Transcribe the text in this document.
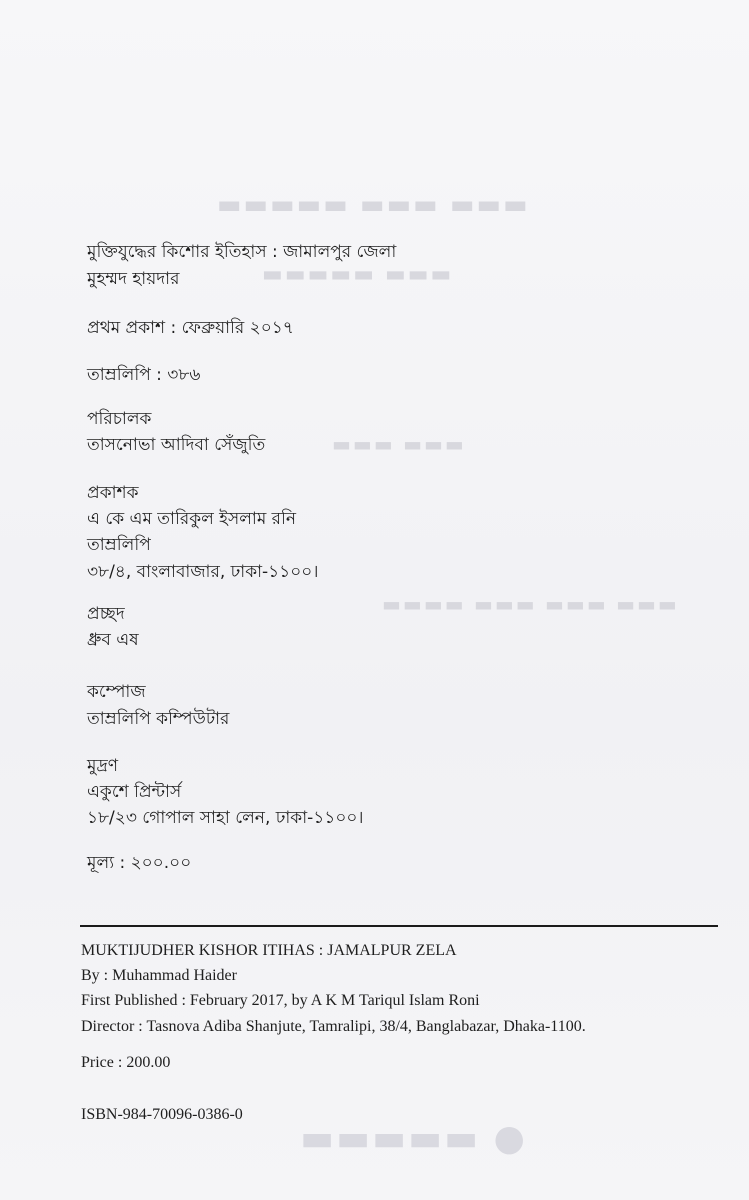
▬▬▬ ▬▬▬ ▬▬▬▬▬
▬▬▬ ▬▬▬▬▬
▬▬▬ ▬▬▬
▬▬▬ ▬▬▬ ▬▬▬ ▬▬▬▬
▬▬▬▬▬ ●
মুক্তিযুদ্ধের কিশোর ইতিহাস : জামালপুর জেলা
মুহম্মদ হায়দার
প্রথম প্রকাশ : ফেব্রুয়ারি ২০১৭
তাম্রলিপি : ৩৮৬
পরিচালক
তাসনোভা আদিবা সেঁজুতি
প্রকাশক
এ কে এম তারিকুল ইসলাম রনি
তাম্রলিপি
৩৮/৪, বাংলাবাজার, ঢাকা-১১০০।
প্রচ্ছদ
ধ্রুব এষ
কম্পোজ
তাম্রলিপি কম্পিউটার
মুদ্রণ
একুশে প্রিন্টার্স
১৮/২৩ গোপাল সাহা লেন, ঢাকা-১১০০।
মূল্য : ২০০.০০
MUKTIJUDHER KISHOR ITIHAS : JAMALPUR ZELA
By : Muhammad Haider
First Published : February 2017, by A K M Tariqul Islam Roni
Director : Tasnova Adiba Shanjute, Tamralipi, 38/4, Banglabazar, Dhaka-1100.
Price : 200.00
ISBN-984-70096-0386-0
